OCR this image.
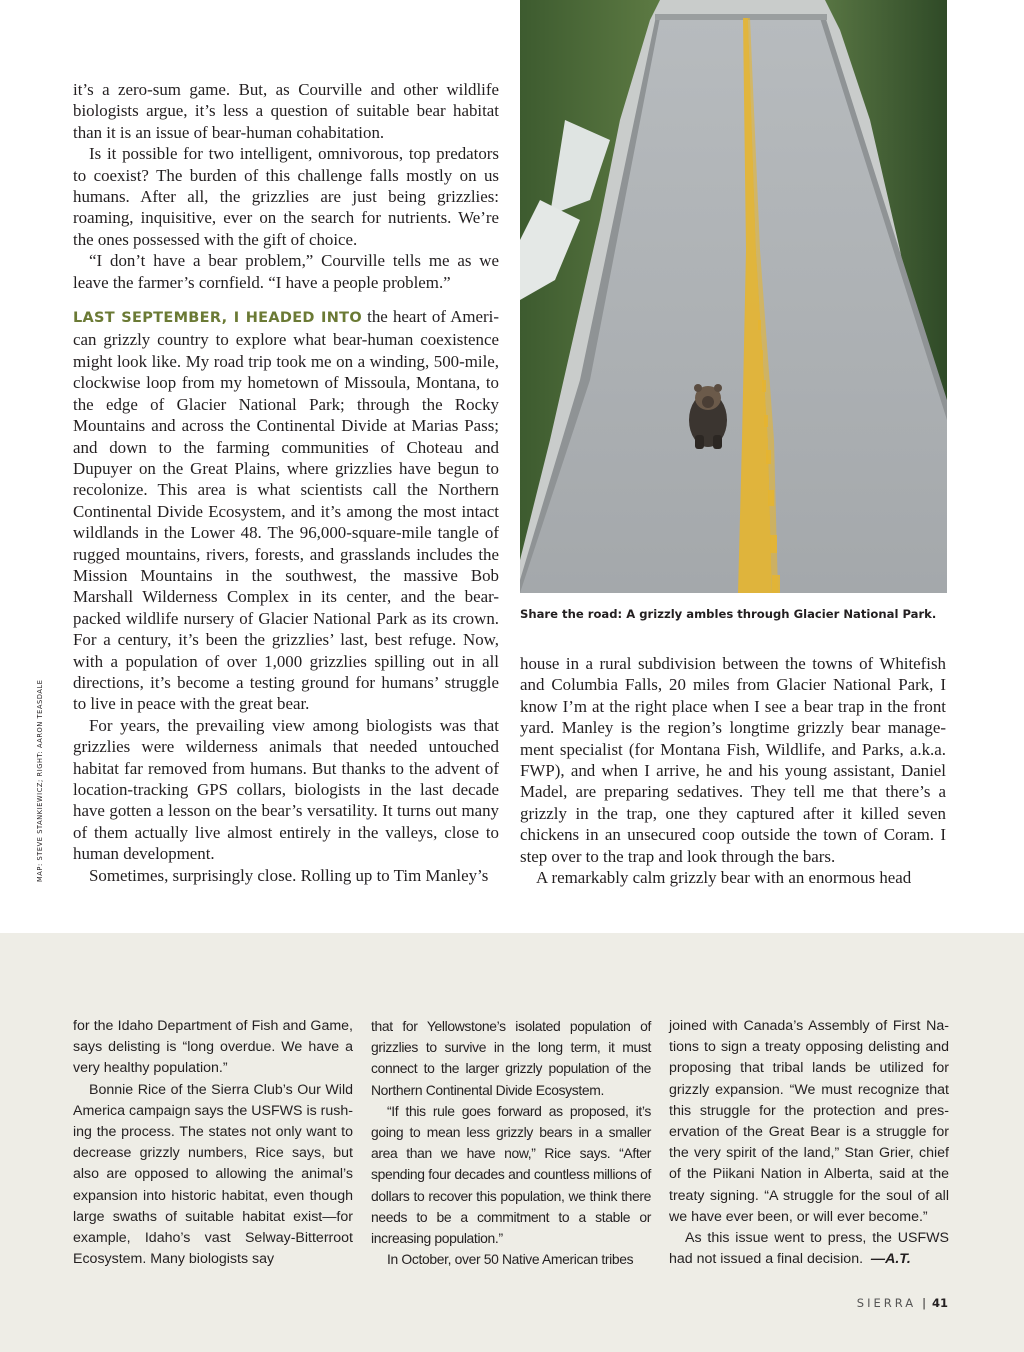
it’s a zero-sum game. But, as Courville and other wildlife biologists argue, it’s less a question of suitable bear habitat than it is an issue of bear-human cohabitation.

Is it possible for two intelligent, omnivorous, top predators to coexist? The burden of this challenge falls mostly on us humans. After all, the grizzlies are just being grizzlies: roaming, inquisitive, ever on the search for nutrients. We’re the ones possessed with the gift of choice.

“I don’t have a bear problem,” Courville tells me as we leave the farmer’s cornfield. “I have a people problem.”

LAST SEPTEMBER, I HEADED INTO the heart of American grizzly country to explore what bear-human coexistence might look like. My road trip took me on a winding, 500-mile, clockwise loop from my hometown of Missoula, Montana, to the edge of Glacier National Park; through the Rocky Mountains and across the Continental Divide at Marias Pass; and down to the farming communities of Choteau and Dupuyer on the Great Plains, where grizzlies have begun to recolonize. This area is what scientists call the Northern Continental Divide Ecosystem, and it’s among the most intact wildlands in the Lower 48. The 96,000-square-mile tangle of rugged mountains, rivers, forests, and grasslands includes the Mission Mountains in the southwest, the massive Bob Marshall Wilderness Complex in its center, and the bear-packed wildlife nursery of Glacier National Park as its crown. For a century, it’s been the grizzlies’ last, best refuge. Now, with a population of over 1,000 grizzlies spilling out in all directions, it’s become a testing ground for humans’ struggle to live in peace with the great bear.

For years, the prevailing view among biologists was that grizzlies were wilderness animals that needed untouched habitat far removed from humans. But thanks to the advent of location-tracking GPS collars, biologists in the last decade have gotten a lesson on the bear’s versatility. It turns out many of them actually live almost entirely in the valleys, close to human development.

Sometimes, surprisingly close. Rolling up to Tim Manley’s

Share the road: A grizzly ambles through Glacier National Park.

house in a rural subdivision between the towns of Whitefish and Columbia Falls, 20 miles from Glacier National Park, I know I’m at the right place when I see a bear trap in the front yard. Manley is the region’s longtime grizzly bear management specialist (for Montana Fish, Wildlife, and Parks, a.k.a. FWP), and when I arrive, he and his young assistant, Daniel Madel, are preparing sedatives. They tell me that there’s a grizzly in the trap, one they captured after it killed seven chickens in an unsecured coop outside the town of Coram. I step over to the trap and look through the bars.

A remarkably calm grizzly bear with an enormous head

MAP: STEVE STANKIEWICZ; RIGHT: AARON TEASDALE

for the Idaho Department of Fish and Game, says delisting is “long overdue. We have a very healthy population.”

Bonnie Rice of the Sierra Club’s Our Wild America campaign says the USFWS is rushing the process. The states not only want to decrease grizzly numbers, Rice says, but also are opposed to allowing the animal’s expansion into historic habitat, even though large swaths of suitable habitat exist—for example, Idaho’s vast Selway-Bitterroot Ecosystem. Many biologists say

that for Yellowstone’s isolated population of grizzlies to survive in the long term, it must connect to the larger grizzly population of the Northern Continental Divide Ecosystem.

“If this rule goes forward as proposed, it’s going to mean less grizzly bears in a smaller area than we have now,” Rice says. “After spending four decades and countless millions of dollars to recover this population, we think there needs to be a commitment to a stable or increasing population.”

In October, over 50 Native American tribes

joined with Canada’s Assembly of First Nations to sign a treaty opposing delisting and proposing that tribal lands be utilized for grizzly expansion. “We must recognize that this struggle for the protection and preservation of the Great Bear is a struggle for the very spirit of the land,” Stan Grier, chief of the Piikani Nation in Alberta, said at the treaty signing. “A struggle for the soul of all we have ever been, or will ever become.”

As this issue went to press, the USFWS had not issued a final decision. —A.T.

SIERRA | 41
